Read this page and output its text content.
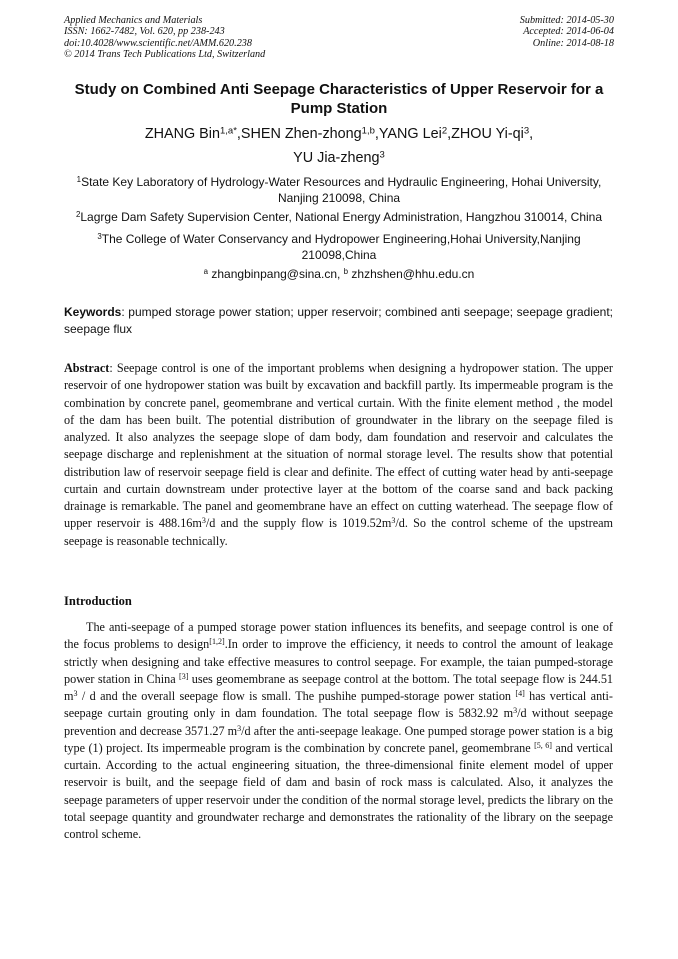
Applied Mechanics and Materials
ISSN: 1662-7482, Vol. 620, pp 238-243
doi:10.4028/www.scientific.net/AMM.620.238
© 2014 Trans Tech Publications Ltd, Switzerland
Submitted: 2014-05-30
Accepted: 2014-06-04
Online: 2014-08-18
Study on Combined Anti Seepage Characteristics of Upper Reservoir for a Pump Station
ZHANG Bin$^{1,a*}$,SHEN Zhen-zhong$^{1,b}$,YANG Lei$^2$,ZHOU $Yi-qi^3$,
YU Jia-zheng$^3$
$^1$State Key Laboratory of Hydrology-Water Resources and Hydraulic Engineering, Hohai University, Nanjing 210098, China
$^2$Lagrge Dam Safety Supervision Center, National Energy Administration, Hangzhou 310014, China
$^3$The College of Water Conservancy and Hydropower Engineering,Hohai University,Nanjing 210098,China
$^a$ zhangbinpang@sina.cn, $^b$ zhzhshen@hhu.edu.cn
Keywords: pumped storage power station; upper reservoir; combined anti seepage; seepage gradient; seepage flux
Abstract: Seepage control is one of the important problems when designing a hydropower station. The upper reservoir of one hydropower station was built by excavation and backfill partly. Its impermeable program is the combination by concrete panel, geomembrane and vertical curtain. With the finite element method , the model of the dam has been built. The potential distribution of groundwater in the library on the seepage filed is analyzed. It also analyzes the seepage slope of dam body, dam foundation and reservoir and calculates the seepage discharge and replenishment at the situation of normal storage level. The results show that potential distribution law of reservoir seepage field is clear and definite. The effect of cutting water head by anti-seepage curtain and curtain downstream under protective layer at the bottom of the coarse sand and back packing drainage is remarkable. The panel and geomembrane have an effect on cutting waterhead. The seepage flow of upper reservoir is $488.16m^3/d$ and the supply flow is $1019.52m^3/d$. So the control scheme of the upstream seepage is reasonable technically.
Introduction
The anti-seepage of a pumped storage power station influences its benefits, and seepage control is one of the focus problems to design[1,2].In order to improve the efficiency, it needs to control the amount of leakage strictly when designing and take effective measures to control seepage. For example, the taian pumped-storage power station in China [3] uses geomembrane as seepage control at the bottom. The total seepage flow is 244.51 $m^3$ / d and the overall seepage flow is small. The pushihe pumped-storage power station [4] has vertical anti-seepage curtain grouting only in dam foundation. The total seepage flow is 5832.92 $m^3/d$ without seepage prevention and decrease 3571.27 $m^3/d$ after the anti-seepage leakage. One pumped storage power station is a big type (1) project. Its impermeable program is the combination by concrete panel, geomembrane [5, 6] and vertical curtain. According to the actual engineering situation, the three-dimensional finite element model of upper reservoir is built, and the seepage field of dam and basin of rock mass is calculated. Also, it analyzes the seepage parameters of upper reservoir under the condition of the normal storage level, predicts the library on the total seepage quantity and groundwater recharge and demonstrates the rationality of the library on the seepage control scheme.
